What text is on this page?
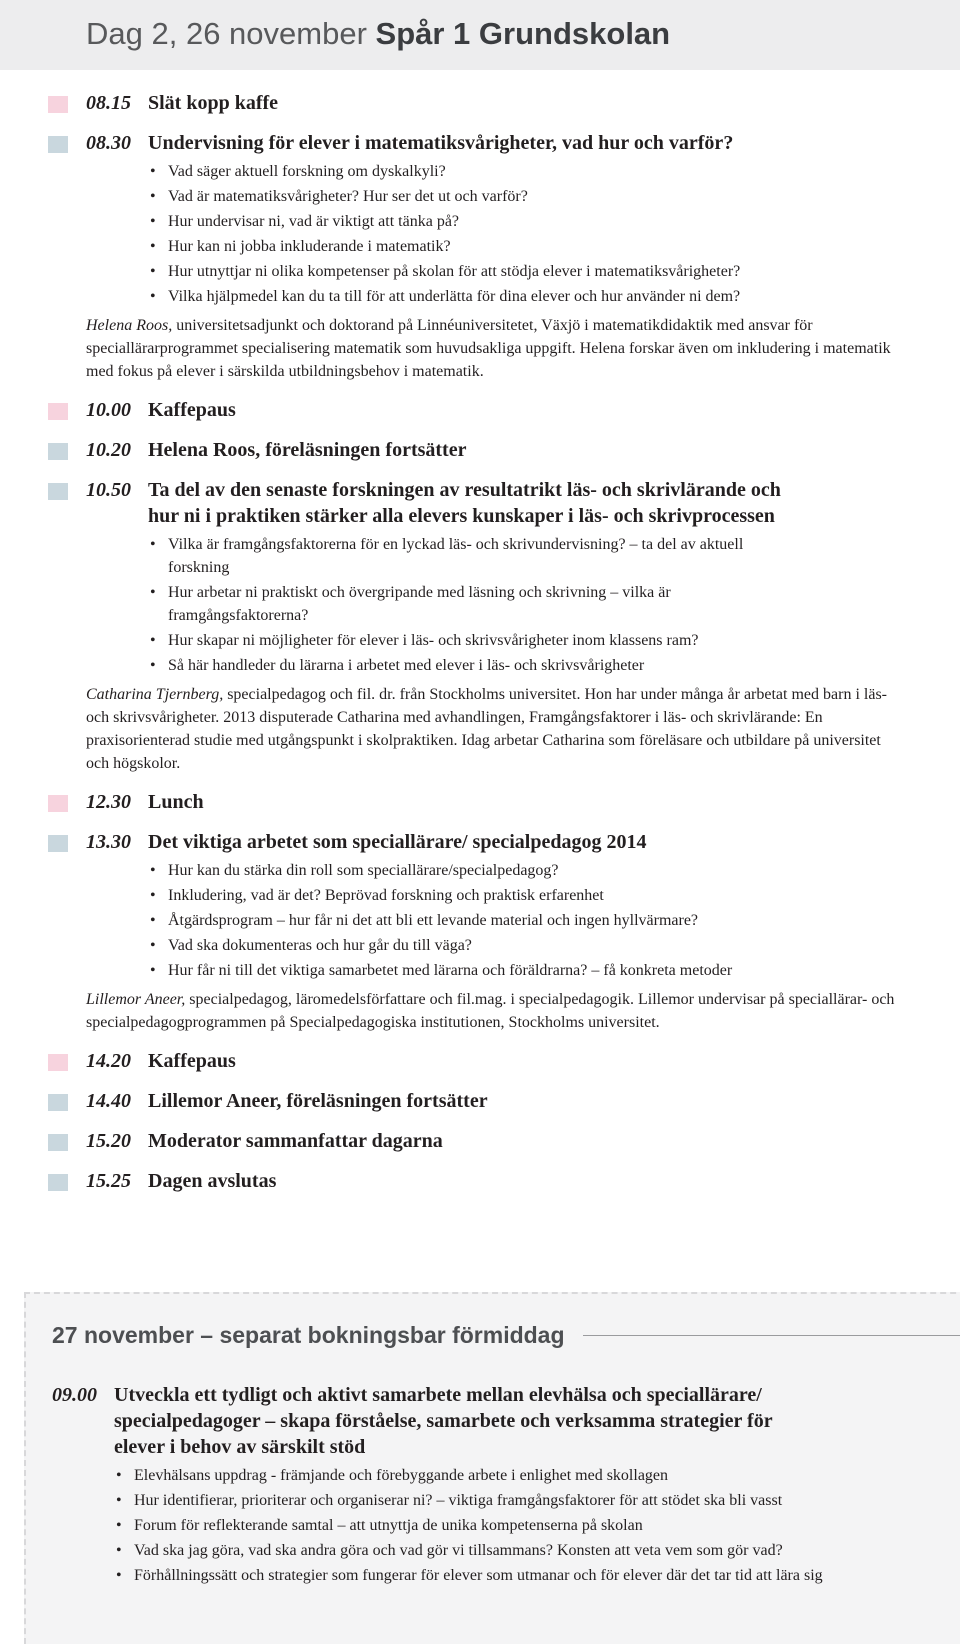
Dag 2, 26 november Spår 1 Grundskolan
08.15 Slät kopp kaffe
08.30 Undervisning för elever i matematiksvårigheter, vad hur och varför?
• Vad säger aktuell forskning om dyskalkyli?
• Vad är matematiksvårigheter? Hur ser det ut och varför?
• Hur undervisar ni, vad är viktigt att tänka på?
• Hur kan ni jobba inkluderande i matematik?
• Hur utnyttjar ni olika kompetenser på skolan för att stödja elever i matematiksvårigheter?
• Vilka hjälpmedel kan du ta till för att underlätta för dina elever och hur använder ni dem?

Helena Roos, universitetsadjunkt och doktorand på Linnéuniversitetet, Växjö i matematikdidaktik med ansvar för speciallärarprogrammet specialisering matematik som huvudsakliga uppgift. Helena forskar även om inkludering i matematik med fokus på elever i särskilda utbildningsbehov i matematik.

10.00 Kaffepaus
10.20 Helena Roos, föreläsningen fortsätter
10.50 Ta del av den senaste forskningen av resultatrikt läs- och skrivlärande och hur ni i praktiken stärker alla elevers kunskaper i läs- och skrivprocessen
• Vilka är framgångsfaktorerna för en lyckad läs- och skrivundervisning? – ta del av aktuell forskning
• Hur arbetar ni praktiskt och övergripande med läsning och skrivning – vilka är framgångsfaktorerna?
• Hur skapar ni möjligheter för elever i läs- och skrivsvårigheter inom klassens ram?
• Så här handleder du lärarna i arbetet med elever i läs- och skrivsvårigheter

Catharina Tjernberg, specialpedagog och fil. dr. från Stockholms universitet. Hon har under många år arbetat med barn i läs- och skrivsvårigheter. 2013 disputerade Catharina med avhandlingen, Framgångsfaktorer i läs- och skrivlärande: En praxisorienterad studie med utgångspunkt i skolpraktiken. Idag arbetar Catharina som föreläsare och utbildare på universitet och högskolor.

12.30 Lunch
13.30 Det viktiga arbetet som speciallärare/ specialpedagog 2014
• Hur kan du stärka din roll som speciallärare/specialpedagog?
• Inkludering, vad är det? Beprövad forskning och praktisk erfarenhet
• Åtgärdsprogram – hur får ni det att bli ett levande material och ingen hyllvärmare?
• Vad ska dokumenteras och hur går du till väga?
• Hur får ni till det viktiga samarbetet med lärarna och föräldrarna? – få konkreta metoder

Lillemor Aneer, specialpedagog, läromedelsförfattare och fil.mag. i specialpedagogik. Lillemor undervisar på speciallärar- och specialpedagogprogrammen på Specialpedagogiska institutionen, Stockholms universitet.

14.20 Kaffepaus
14.40 Lillemor Aneer, föreläsningen fortsätter
15.20 Moderator sammanfattar dagarna
15.25 Dagen avslutas
27 november – separat bokningsbar förmiddag
09.00 Utveckla ett tydligt och aktivt samarbete mellan elevhälsa och speciallärare/ specialpedagoger – skapa förståelse, samarbete och verksamma strategier för elever i behov av särskilt stöd
• Elevhälsans uppdrag - främjande och förebyggande arbete i enlighet med skollagen
• Hur identifierar, prioriterar och organiserar ni? – viktiga framgångsfaktorer för att stödet ska bli vasst
• Forum för reflekterande samtal – att utnyttja de unika kompetenserna på skolan
• Vad ska jag göra, vad ska andra göra och vad gör vi tillsammans? Konsten att veta vem som gör vad?
• Förhållningssätt och strategier som fungerar för elever som utmanar och för elever där det tar tid att lära sig
